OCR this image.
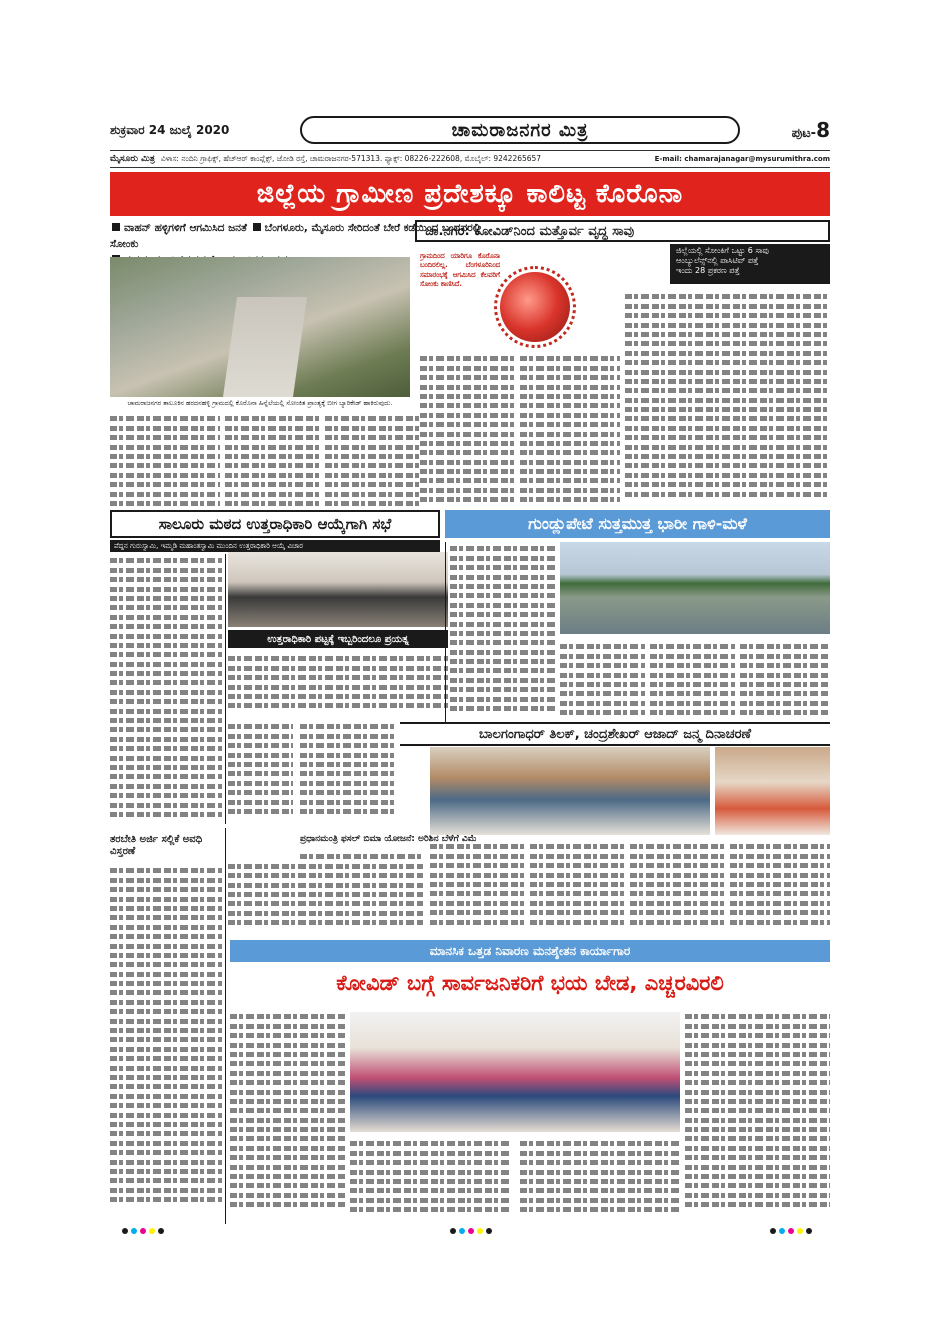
ಶುಕ್ರವಾರ 24 ಜುಲೈ 2020	ಚಾಮರಾಜನಗರ ಮಿತ್ರ	ಪುಟ-8
ಮೈಸೂರು ಮಿತ್ರ ವಿಳಾಸ: ನಂದಿನಿ ಗ್ರಾಫಿಕ್ಸ್, ಹೆಚ್‌ಆರ್ ಕಾಂಪ್ಲೆಕ್ಸ್, ಜೋಡಿ ರಸ್ತೆ, ಚಾಮರಾಜನಗರ-571313. ಫ್ಯಾಕ್ಸ್: 08226-222608, ಮೊಬೈಲ್: 9242265657	E-mail: chamarajanagar@mysurumithra.com
ಜಿಲ್ಲೆಯ ಗ್ರಾಮೀಣ ಪ್ರದೇಶಕ್ಕೂ ಕಾಲಿಟ್ಟ ಕೊರೊನಾ
ವಾಹನ್ ಹಳ್ಳಿಗಳಿಗೆ ಆಗಮಿಸಿದ ಜನತೆ ಬೆಂಗಳೂರು, ಮೈಸೂರು ಸೇರಿದಂತೆ ಬೇರೆ ಕಡೆಯಿಂದ ಬಂದವರಲ್ಲಿ ಸೋಂಕು
ಚಾ.ನಗರ: ಕೋವಿಡ್‌ನಿಂದ ಮತ್ತೊರ್ವ ವೃದ್ಧ ಸಾವು
ಜಿಲ್ಲೆಯಲ್ಲಿ ಸೋಂಕಿಗೆ ಒಟ್ಟು 6 ಸಾವು
ಆಂಬ್ಯುಲೆನ್ಸ್‌ನಲ್ಲಿ ಪಾಸಿಟಿವ್ ಪತ್ತೆ
ಇಂದು 28 ಪ್ರಕರಣ ಪತ್ತೆ
ಚಾಮರಾಜನಗರ ತಾಲೂಕಿನ ಹರದನಹಳ್ಳಿ ಗ್ರಾಮದಲ್ಲಿ ಕೊರೊನಾ ಹಿನ್ನೆಲೆಯಲ್ಲಿ ಸೋಂಕಿತ ಪ್ರಾಂತ್ಯಕ್ಕೆ ಬೀಗ ಬ್ಯಾರಿಕೇಡ್ ಹಾಕಿರುವುದು.
ಗ್ರಾಮದಿಂದ ಯಾರಿಗೂ ಕೊರೊನಾ ಬಂದಿರಲಿಲ್ಲ. ಬೆಂಗಳೂರಿನಿಂದ ಸಮಾರಂಭಕ್ಕೆ ಆಗಮಿಸಿದ ಕೆಲವರಿಗೆ ಸೋಂಕು ಕಾಣಿಸಿದೆ.
ಸಾಲೂರು ಮಠದ ಉತ್ತರಾಧಿಕಾರಿ ಆಯ್ಕೆಗಾಗಿ ಸಭೆ
ಪೆದ್ದನ ಗುರುಸ್ವಾಮಿ, ಇಮ್ಮಡಿ ಮಹಾಂತಸ್ವಾಮಿ ಮುಂದಿನ ಉತ್ತರಾಧಿಕಾರಿ ಆಯ್ಕೆ ವಿಚಾರ
ಉತ್ತರಾಧಿಕಾರಿ ಪಟ್ಟಕ್ಕೆ ಇಬ್ಬರಿಂದಲೂ ಪ್ರಯತ್ನ
ಗುಂಡ್ಲುಪೇಟೆ ಸುತ್ತಮುತ್ತ ಭಾರೀ ಗಾಳಿ-ಮಳೆ
ಬಾಲಗಂಗಾಧರ್ ತಿಲಕ್, ಚಂದ್ರಶೇಖರ್ ಆಜಾದ್ ಜನ್ಮ ದಿನಾಚರಣೆ
ತರಬೇತಿ ಅರ್ಜಿ ಸಲ್ಲಿಕೆ ಅವಧಿ ವಿಸ್ತರಣೆ
ಪ್ರಧಾನಮಂತ್ರಿ ಫಸಲ್ ಬಿಮಾ ಯೋಜನೆ: ಅರಿಶಿನ ಬೆಳೆಗೆ ವಿಮೆ
ಮಾನಸಿಕ ಒತ್ತಡ ನಿವಾರಣ ಮನಶ್ಶೇತನ ಕಾರ್ಯಾಗಾರ
ಕೋವಿಡ್ ಬಗ್ಗೆ ಸಾರ್ವಜನಿಕರಿಗೆ ಭಯ ಬೇಡ, ಎಚ್ಚರವಿರಲಿ
